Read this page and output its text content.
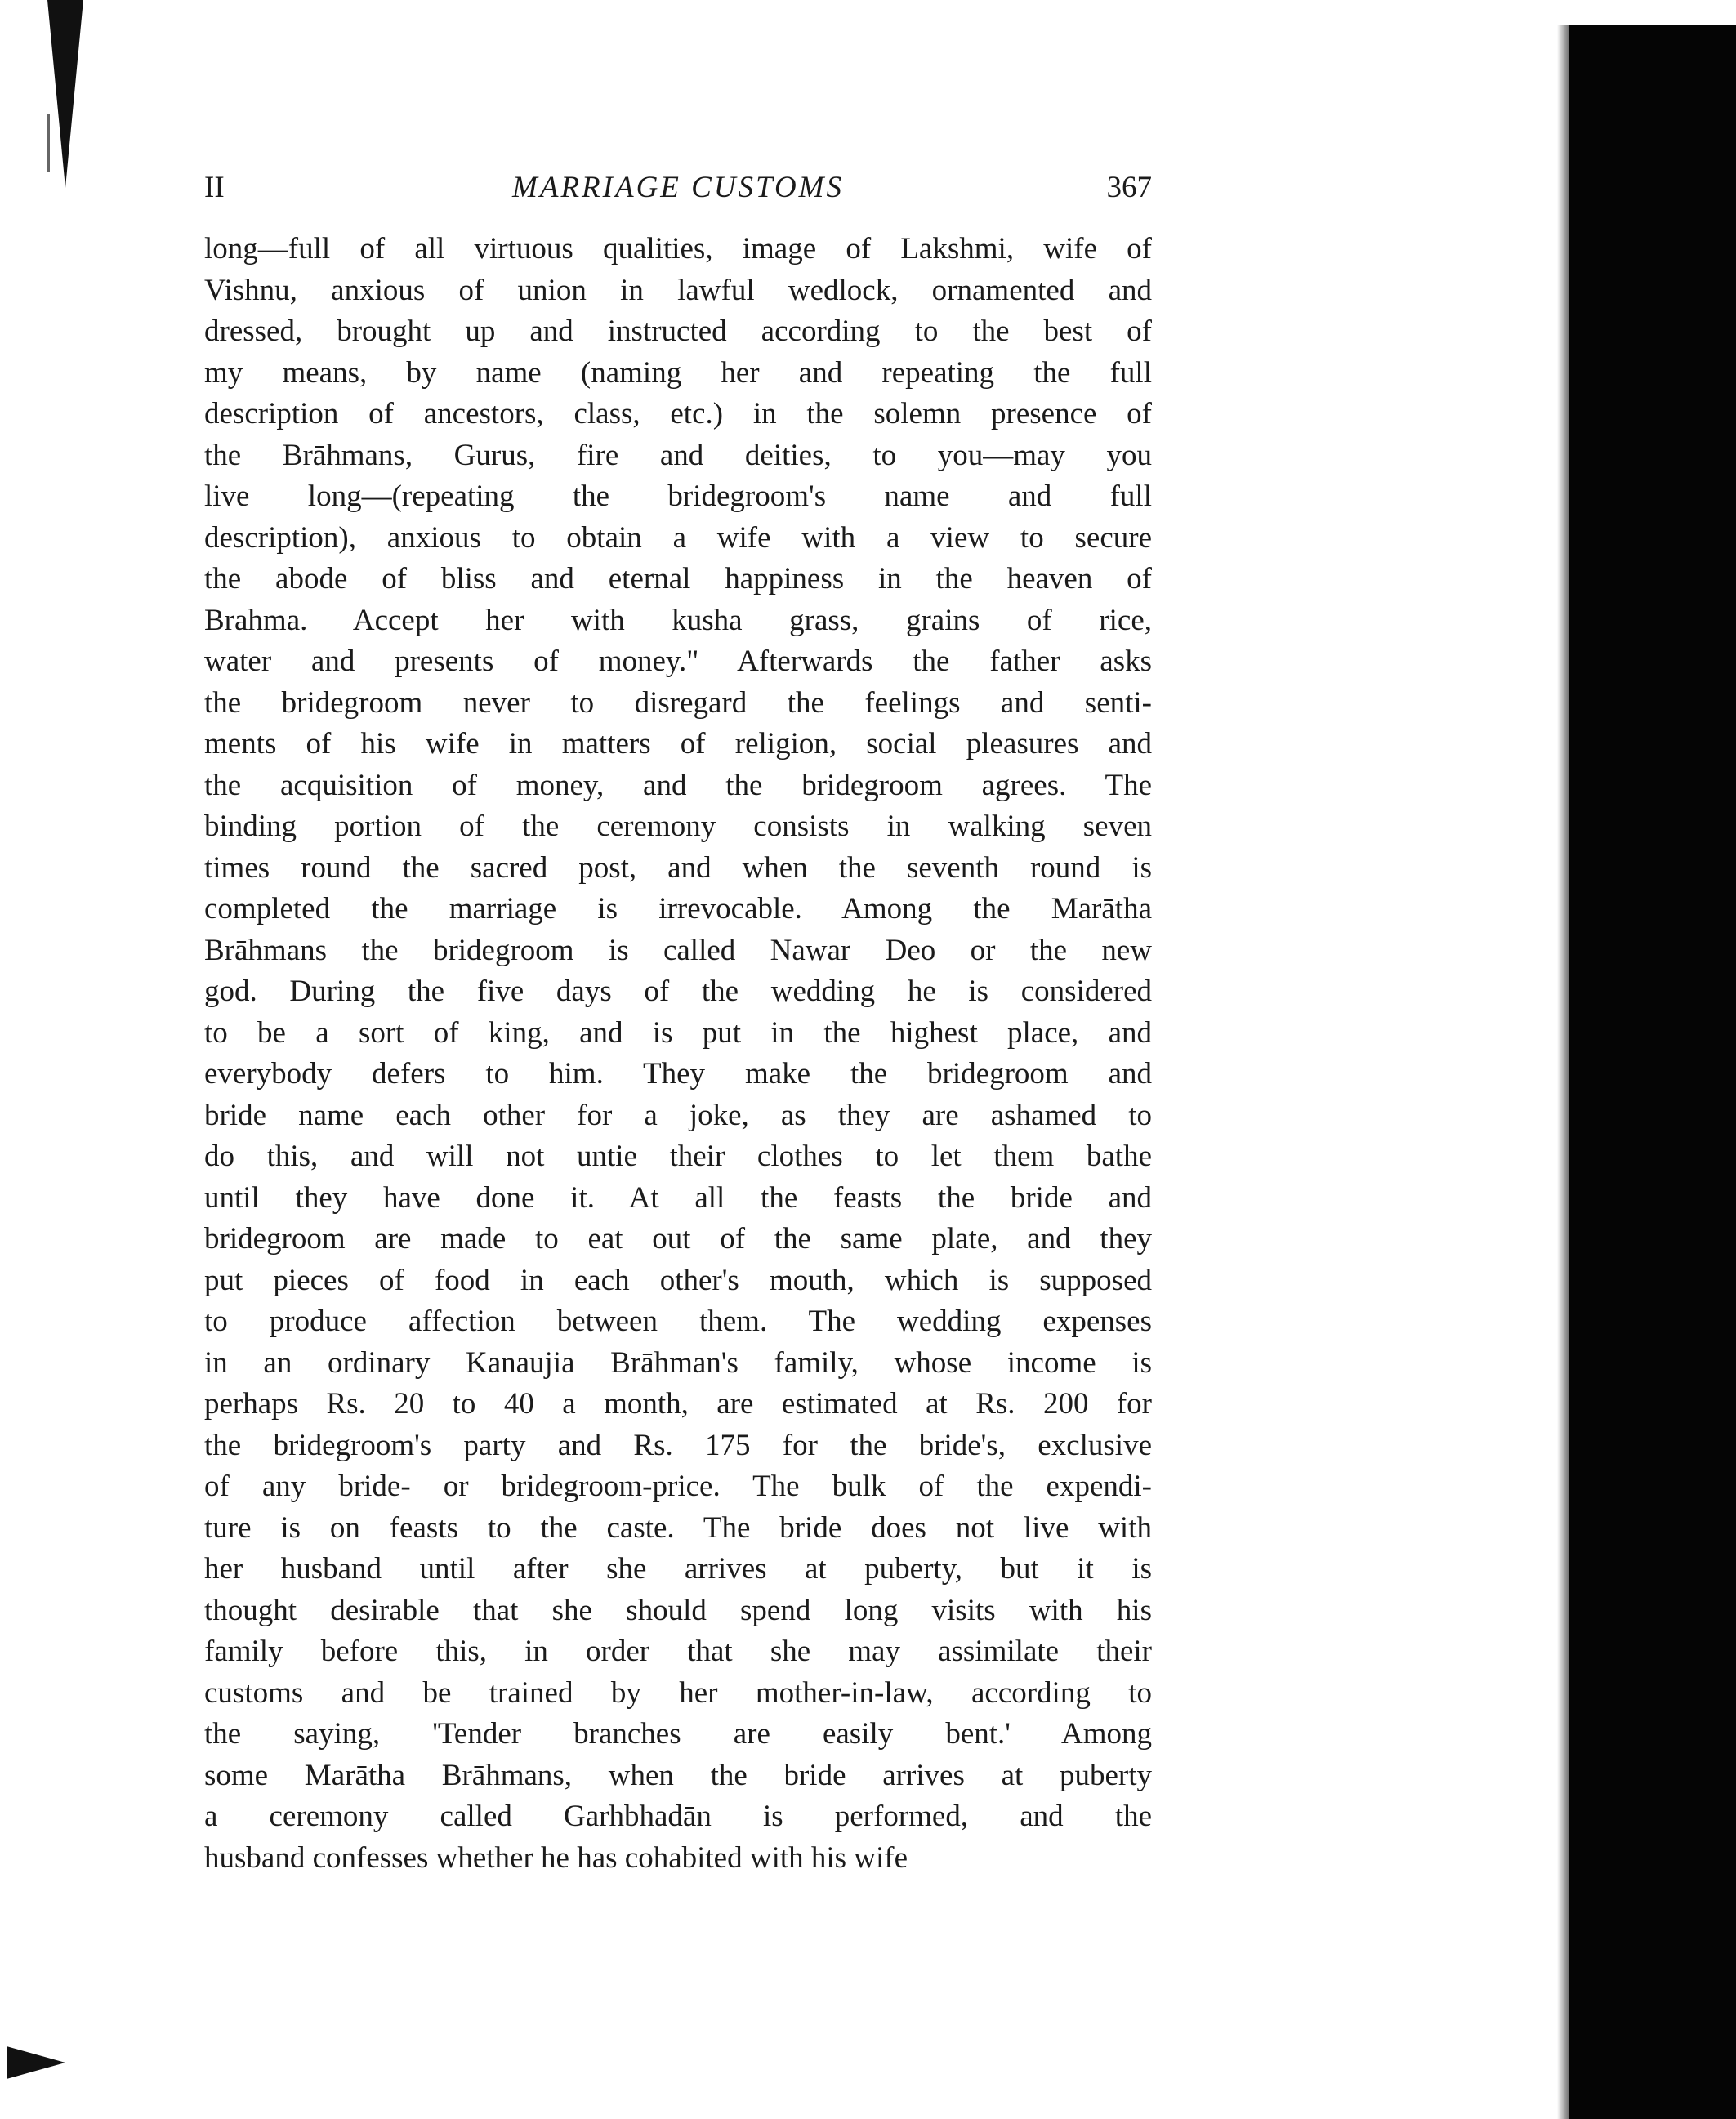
II	MARRIAGE CUSTOMS	367
long—full of all virtuous qualities, image of Lakshmi, wife of
Vishnu, anxious of union in lawful wedlock, ornamented and
dressed, brought up and instructed according to the best of
my means, by name (naming her and repeating the full
description of ancestors, class, etc.) in the solemn presence of
the Brāhmans, Gurus, fire and deities, to you—may you
live long—(repeating the bridegroom's name and full
description), anxious to obtain a wife with a view to secure
the abode of bliss and eternal happiness in the heaven of
Brahma. Accept her with kusha grass, grains of rice,
water and presents of money." Afterwards the father asks
the bridegroom never to disregard the feelings and senti-
ments of his wife in matters of religion, social pleasures and
the acquisition of money, and the bridegroom agrees. The
binding portion of the ceremony consists in walking seven
times round the sacred post, and when the seventh round is
completed the marriage is irrevocable. Among the Marātha
Brāhmans the bridegroom is called Nawar Deo or the new
god. During the five days of the wedding he is considered
to be a sort of king, and is put in the highest place, and
everybody defers to him. They make the bridegroom and
bride name each other for a joke, as they are ashamed to
do this, and will not untie their clothes to let them bathe
until they have done it. At all the feasts the bride and
bridegroom are made to eat out of the same plate, and they
put pieces of food in each other's mouth, which is supposed
to produce affection between them. The wedding expenses
in an ordinary Kanaujia Brāhman's family, whose income is
perhaps Rs. 20 to 40 a month, are estimated at Rs. 200 for
the bridegroom's party and Rs. 175 for the bride's, exclusive
of any bride- or bridegroom-price. The bulk of the expendi-
ture is on feasts to the caste. The bride does not live with
her husband until after she arrives at puberty, but it is
thought desirable that she should spend long visits with his
family before this, in order that she may assimilate their
customs and be trained by her mother-in-law, according to
the saying, 'Tender branches are easily bent.' Among
some Marātha Brāhmans, when the bride arrives at puberty
a ceremony called Garhbhadān is performed, and the
husband confesses whether he has cohabited with his wife
